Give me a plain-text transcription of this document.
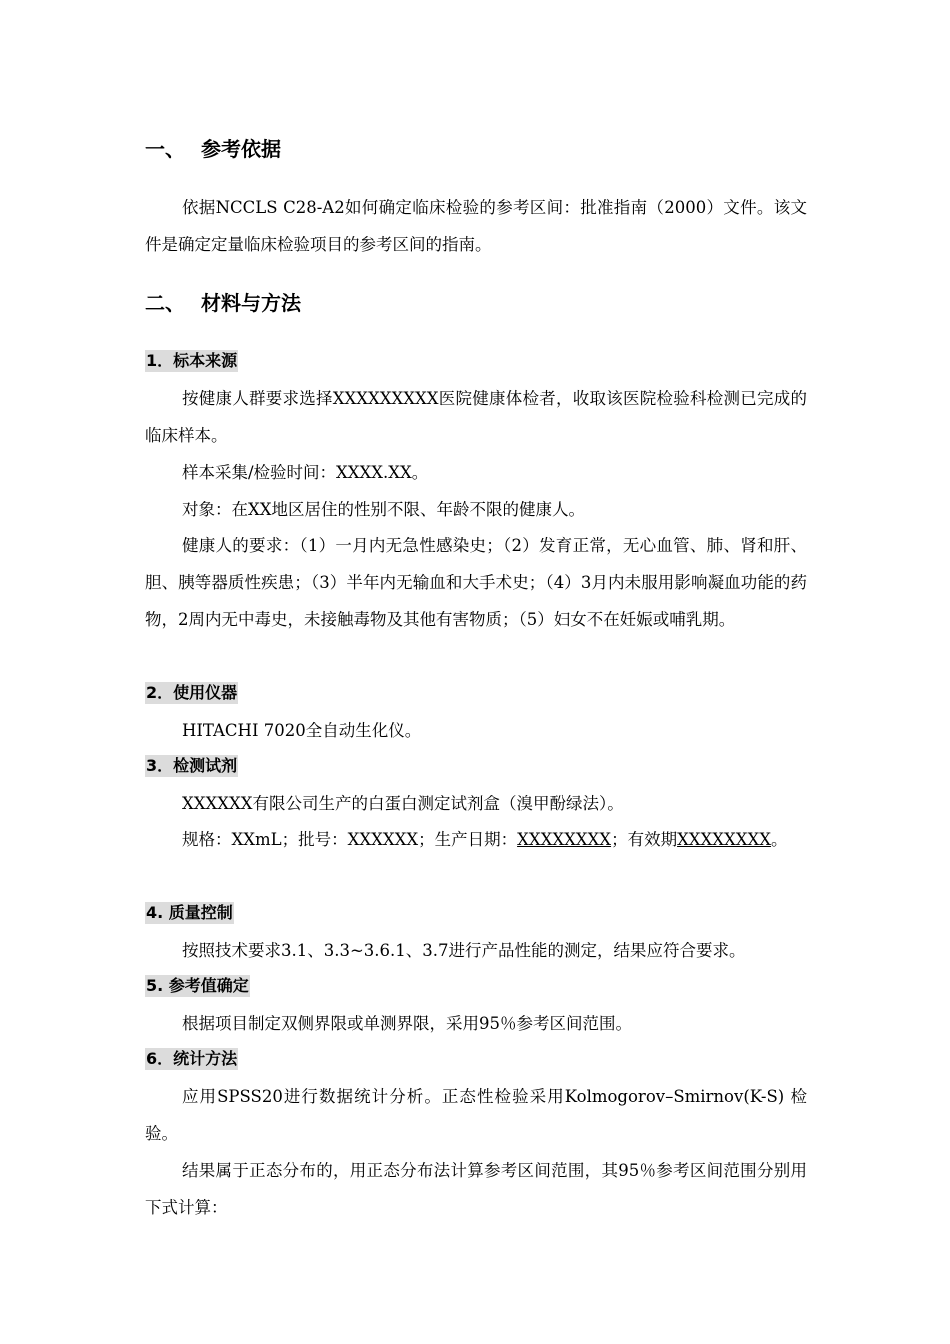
一、 参考依据
依据NCCLS C28-A2如何确定临床检验的参考区间：批准指南（2000）文件。该文件是确定定量临床检验项目的参考区间的指南。
二、 材料与方法
1．标本来源
按健康人群要求选择XXXXXXXXX医院健康体检者，收取该医院检验科检测已完成的临床样本。
样本采集/检验时间：XXXX.XX。
对象：在XX地区居住的性别不限、年龄不限的健康人。
健康人的要求：（1）一月内无急性感染史；（2）发育正常，无心血管、肺、肾和肝、胆、胰等器质性疾患；（3）半年内无输血和大手术史；（4）3月内未服用影响凝血功能的药物，2周内无中毒史，未接触毒物及其他有害物质；（5）妇女不在妊娠或哺乳期。
2．使用仪器
HITACHI 7020全自动生化仪。
3．检测试剂
XXXXXX有限公司生产的白蛋白测定试剂盒（溴甲酚绿法）。
规格：XXmL；批号：XXXXXX；生产日期：XXXXXXXX；有效期XXXXXXXX。
4. 质量控制
按照技术要求3.1、3.3~3.6.1、3.7进行产品性能的测定，结果应符合要求。
5. 参考值确定
根据项目制定双侧界限或单测界限，采用95％参考区间范围。
6．统计方法
应用SPSS20进行数据统计分析。正态性检验采用Kolmogorov–Smirnov(K-S) 检验。
结果属于正态分布的，用正态分布法计算参考区间范围，其95％参考区间范围分别用下式计算：
